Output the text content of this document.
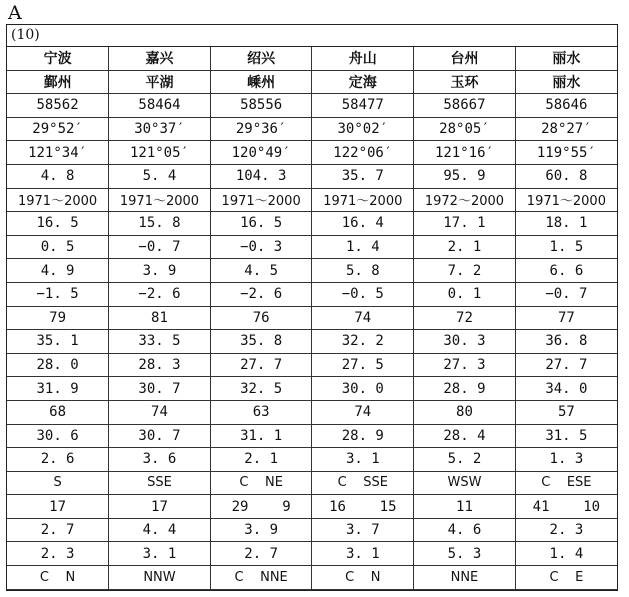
A
(10)
宁波	嘉兴	绍兴	舟山	台州	丽水
鄞州	平湖	嵊州	定海	玉环	丽水
58562	58464	58556	58477	58667	58646
29°52′	30°37′	29°36′	30°02′	28°05′	28°27′
121°34′	121°05′	120°49′	122°06′	121°16′	119°55′
4. 8	5. 4	104. 3	35. 7	95. 9	60. 8
1971～2000	1971～2000	1971～2000	1971～2000	1972～2000	1971～2000
16. 5	15. 8	16. 5	16. 4	17. 1	18. 1
0. 5	−0. 7	−0. 3	1. 4	2. 1	1. 5
4. 9	3. 9	4. 5	5. 8	7. 2	6. 6
−1. 5	−2. 6	−2. 6	−0. 5	0. 1	−0. 7
79	81	76	74	72	77
35. 1	33. 5	35. 8	32. 2	30. 3	36. 8
28. 0	28. 3	27. 7	27. 5	27. 3	27. 7
31. 9	30. 7	32. 5	30. 0	28. 9	34. 0
68	74	63	74	80	57
30. 6	30. 7	31. 1	28. 9	28. 4	31. 5
2. 6	3. 6	2. 1	3. 1	5. 2	1. 3
S	SSE	C    NE	C    SSE	WSW	C    ESE
17	17	29    9	16    15	11	41    10
2. 7	4. 4	3. 9	3. 7	4. 6	2. 3
2. 3	3. 1	2. 7	3. 1	5. 3	1. 4
C    N	NNW	C    NNE	C    N	NNE	C    E
